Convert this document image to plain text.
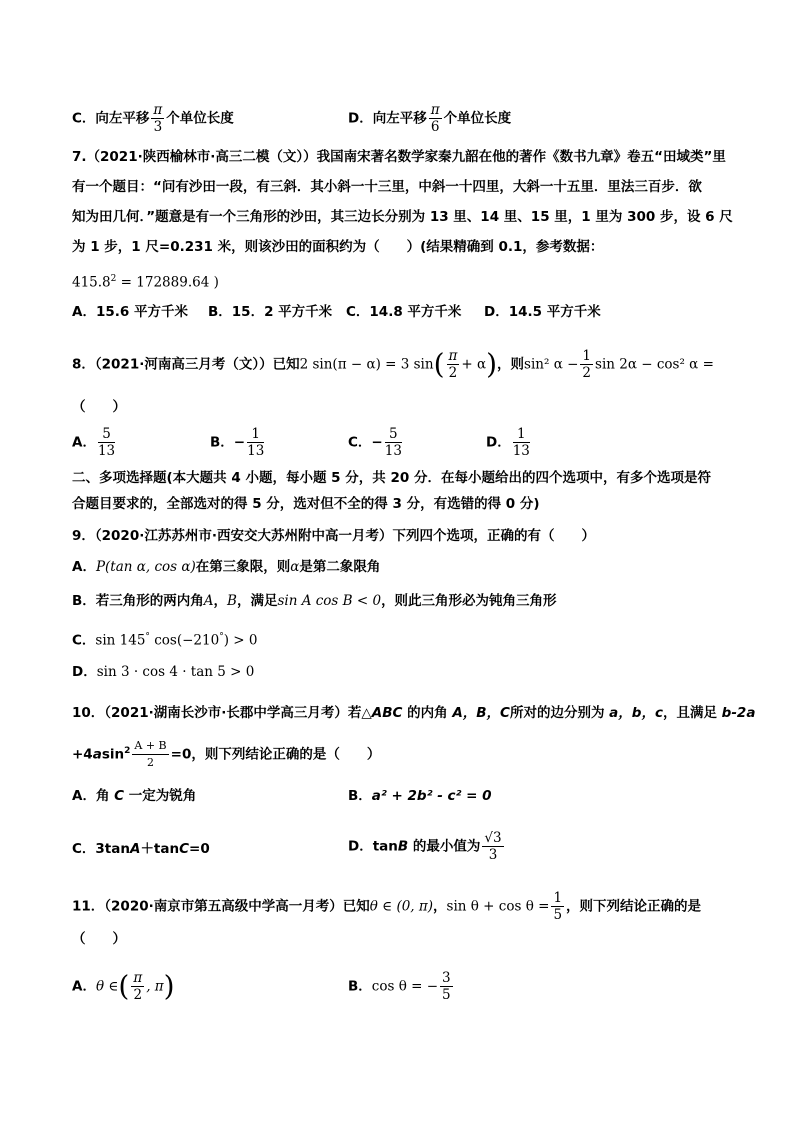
C．向左平移 $\frac{\pi}{3}$ 个单位长度	D．向左平移 $\frac{\pi}{6}$ 个单位长度
7.（2021·陕西榆林市·高三二模（文））我国南宋著名数学家秦九韶在他的著作《数书九章》卷五“田域类”里
有一个题目：“问有沙田一段，有三斜．其小斜一十三里，中斜一十四里，大斜一十五里．里法三百步．欲
知为田几何．”题意是有一个三角形的沙田，其三边长分别为 13 里、14 里、15 里，1 里为 300 步，设 6 尺
为 1 步，1 尺=0.231 米，则该沙田的面积约为（　　）(结果精确到 0.1，参考数据：
$415.8^2 = 172889.64$ )
A．15.6 平方千米 B．15．2 平方千米 C．14.8 平方千米 D．14.5 平方千米
8．（2021·河南高三月考（文））已知2 sin(π − α) = 3 $\sin( \frac{\pi}{2} + \alpha)$，则sin² $\alpha - \frac{1}{2}$ sin 2α − cos² α =
（　　）
A． $\frac{5}{13}$	B．− $\frac{1}{13}$	C．− $\frac{5}{13}$	D． $\frac{1}{13}$
二、多项选择题(本大题共 4 小题，每小题 5 分，共 20 分．在每小题给出的四个选项中，有多个选项是符
合题目要求的，全部选对的得 5 分，选对但不全的得 3 分，有选错的得 0 分)
9．（2020·江苏苏州市·西安交大苏州附中高一月考）下列四个选项，正确的有（　　）
A．P(tan α, cos α)在第三象限，则α是第二象限角
B．若三角形的两内角A，B，满足sin A cos B < 0，则此三角形必为钝角三角形
C．sin 145° cos(−210°) > 0
D．sin 3 · cos 4 · tan 5 > 0
10．（2021·湖南长沙市·长郡中学高三月考）若△ABC 的内角 A，B，C所对的边分别为 a，b，c，且满足 b-2a
$+4asin^2 \frac{A + B}{2} =0$，则下列结论正确的是（　　）
A．角 C 一定为锐角	B．a² + 2b² - c² = 0
C．3tanA＋tanC=0	D．tanB 的最小值为 $\frac{√3}{3}$
11．（2020·南京市第五高级中学高一月考）已知θ ∈ (0, π)，$\sin \theta + \cos \theta = \frac{1}{5}$ ，则下列结论正确的是
（　　）
A．θ ∈( $\frac{\pi}{2}$ , π)	B．cos θ = − $\frac{3}{5}$
